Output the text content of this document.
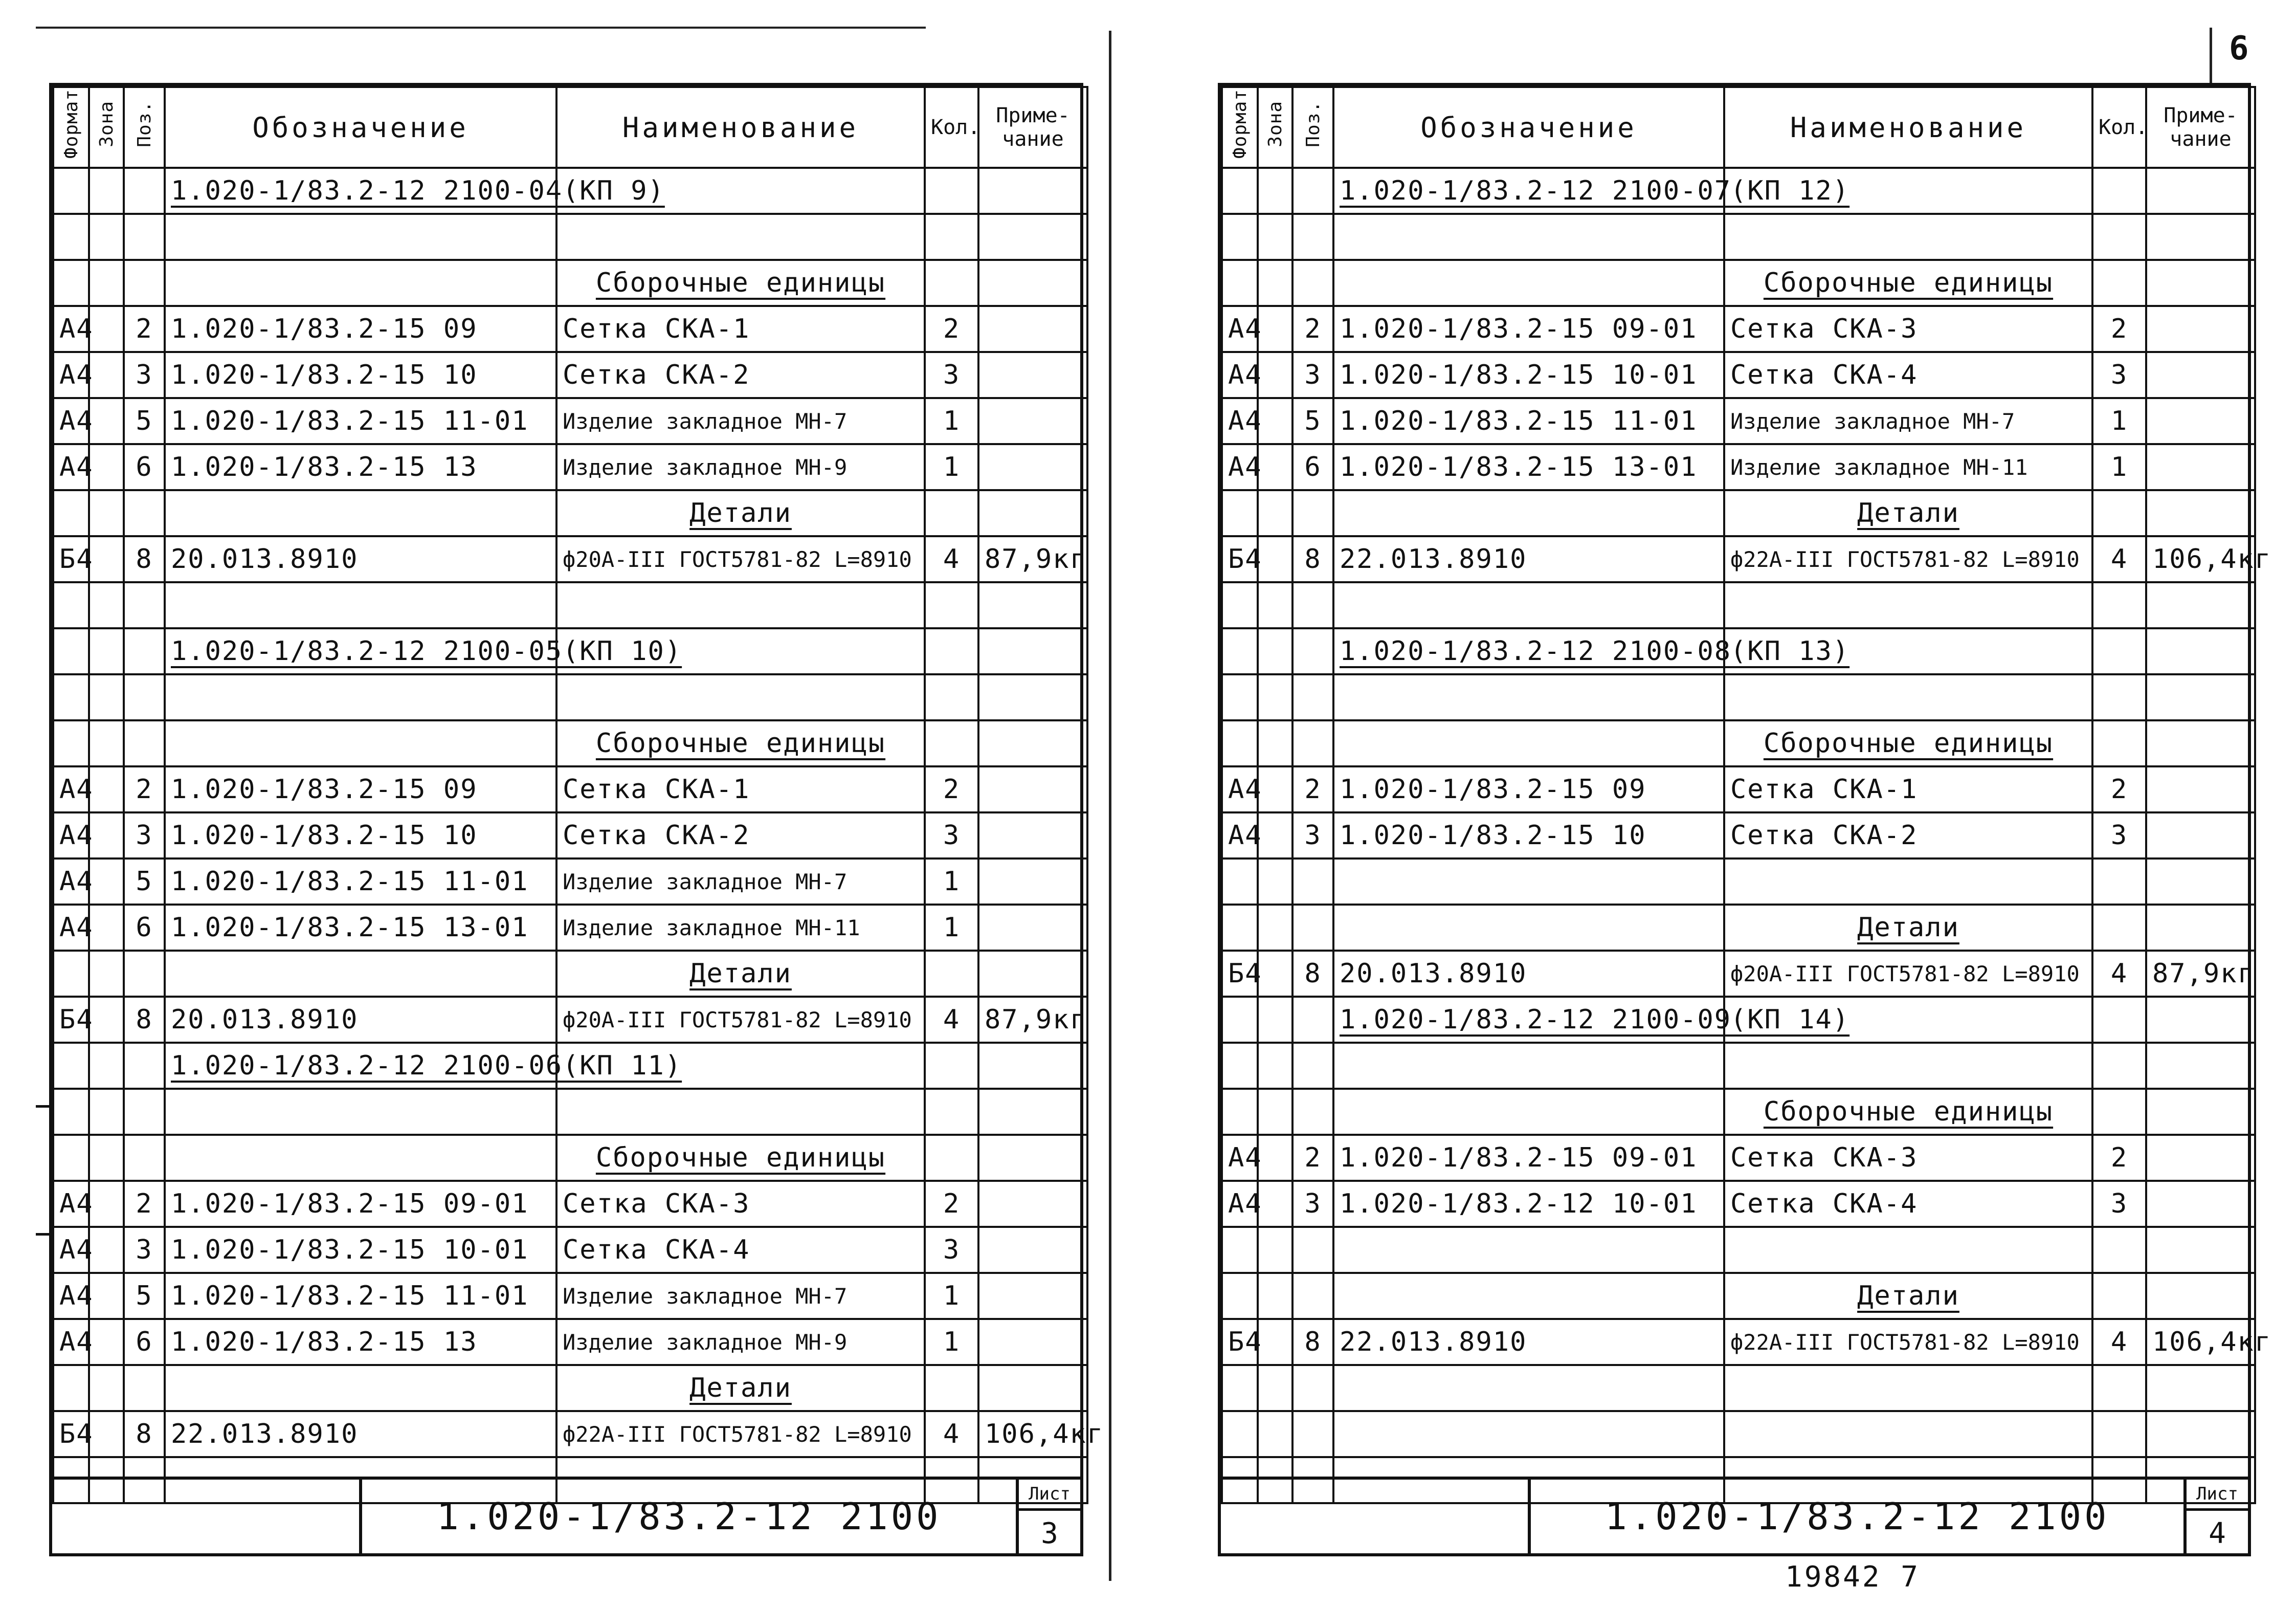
6
Формат	Зона	Поз.	Обозначение	Наименование	Кол.	Приме-чание
			1.020-1/83.2-12 2100-04	(КП 9)		

				Сборочные единицы		
А4		2	1.020-1/83.2-15 09	Сетка СКА-1	2	
А4		3	1.020-1/83.2-15 10	Сетка СКА-2	3	
А4		5	1.020-1/83.2-15 11-01	Изделие закладное МН-7	1	
А4		6	1.020-1/83.2-15 13	Изделие закладное МН-9	1	
				Детали		
Б4		8	20.013.8910	ф20А-III ГОСТ5781-82 L=8910	4	87,9кг

			1.020-1/83.2-12 2100-05	(КП 10)		

				Сборочные единицы		
А4		2	1.020-1/83.2-15 09	Сетка СКА-1	2	
А4		3	1.020-1/83.2-15 10	Сетка СКА-2	3	
А4		5	1.020-1/83.2-15 11-01	Изделие закладное МН-7	1	
А4		6	1.020-1/83.2-15 13-01	Изделие закладное МН-11	1	
				Детали		
Б4		8	20.013.8910	ф20А-III ГОСТ5781-82 L=8910	4	87,9кг
			1.020-1/83.2-12 2100-06	(КП 11)		

				Сборочные единицы		
А4		2	1.020-1/83.2-15 09-01	Сетка СКА-3	2	
А4		3	1.020-1/83.2-15 10-01	Сетка СКА-4	3	
А4		5	1.020-1/83.2-15 11-01	Изделие закладное МН-7	1	
А4		6	1.020-1/83.2-15 13	Изделие закладное МН-9	1	
				Детали		
Б4		8	22.013.8910	ф22А-III ГОСТ5781-82 L=8910	4	106,4кг

1.020-1/83.2-12 2100
Лист
3
Формат	Зона	Поз.	Обозначение	Наименование	Кол.	Приме-чание
			1.020-1/83.2-12 2100-07	(КП 12)		

				Сборочные единицы		
А4		2	1.020-1/83.2-15 09-01	Сетка СКА-3	2	
А4		3	1.020-1/83.2-15 10-01	Сетка СКА-4	3	
А4		5	1.020-1/83.2-15 11-01	Изделие закладное МН-7	1	
А4		6	1.020-1/83.2-15 13-01	Изделие закладное МН-11	1	
				Детали		
Б4		8	22.013.8910	ф22А-III ГОСТ5781-82 L=8910	4	106,4кг

			1.020-1/83.2-12 2100-08	(КП 13)		

				Сборочные единицы		
А4		2	1.020-1/83.2-15 09	Сетка СКА-1	2	
А4		3	1.020-1/83.2-15 10	Сетка СКА-2	3	

				Детали		
Б4		8	20.013.8910	ф20А-III ГОСТ5781-82 L=8910	4	87,9кг
			1.020-1/83.2-12 2100-09	(КП 14)		

				Сборочные единицы		
А4		2	1.020-1/83.2-15 09-01	Сетка СКА-3	2	
А4		3	1.020-1/83.2-12 10-01	Сетка СКА-4	3	

				Детали		
Б4		8	22.013.8910	ф22А-III ГОСТ5781-82 L=8910	4	106,4кг

1.020-1/83.2-12 2100
Лист
4
19842 7
